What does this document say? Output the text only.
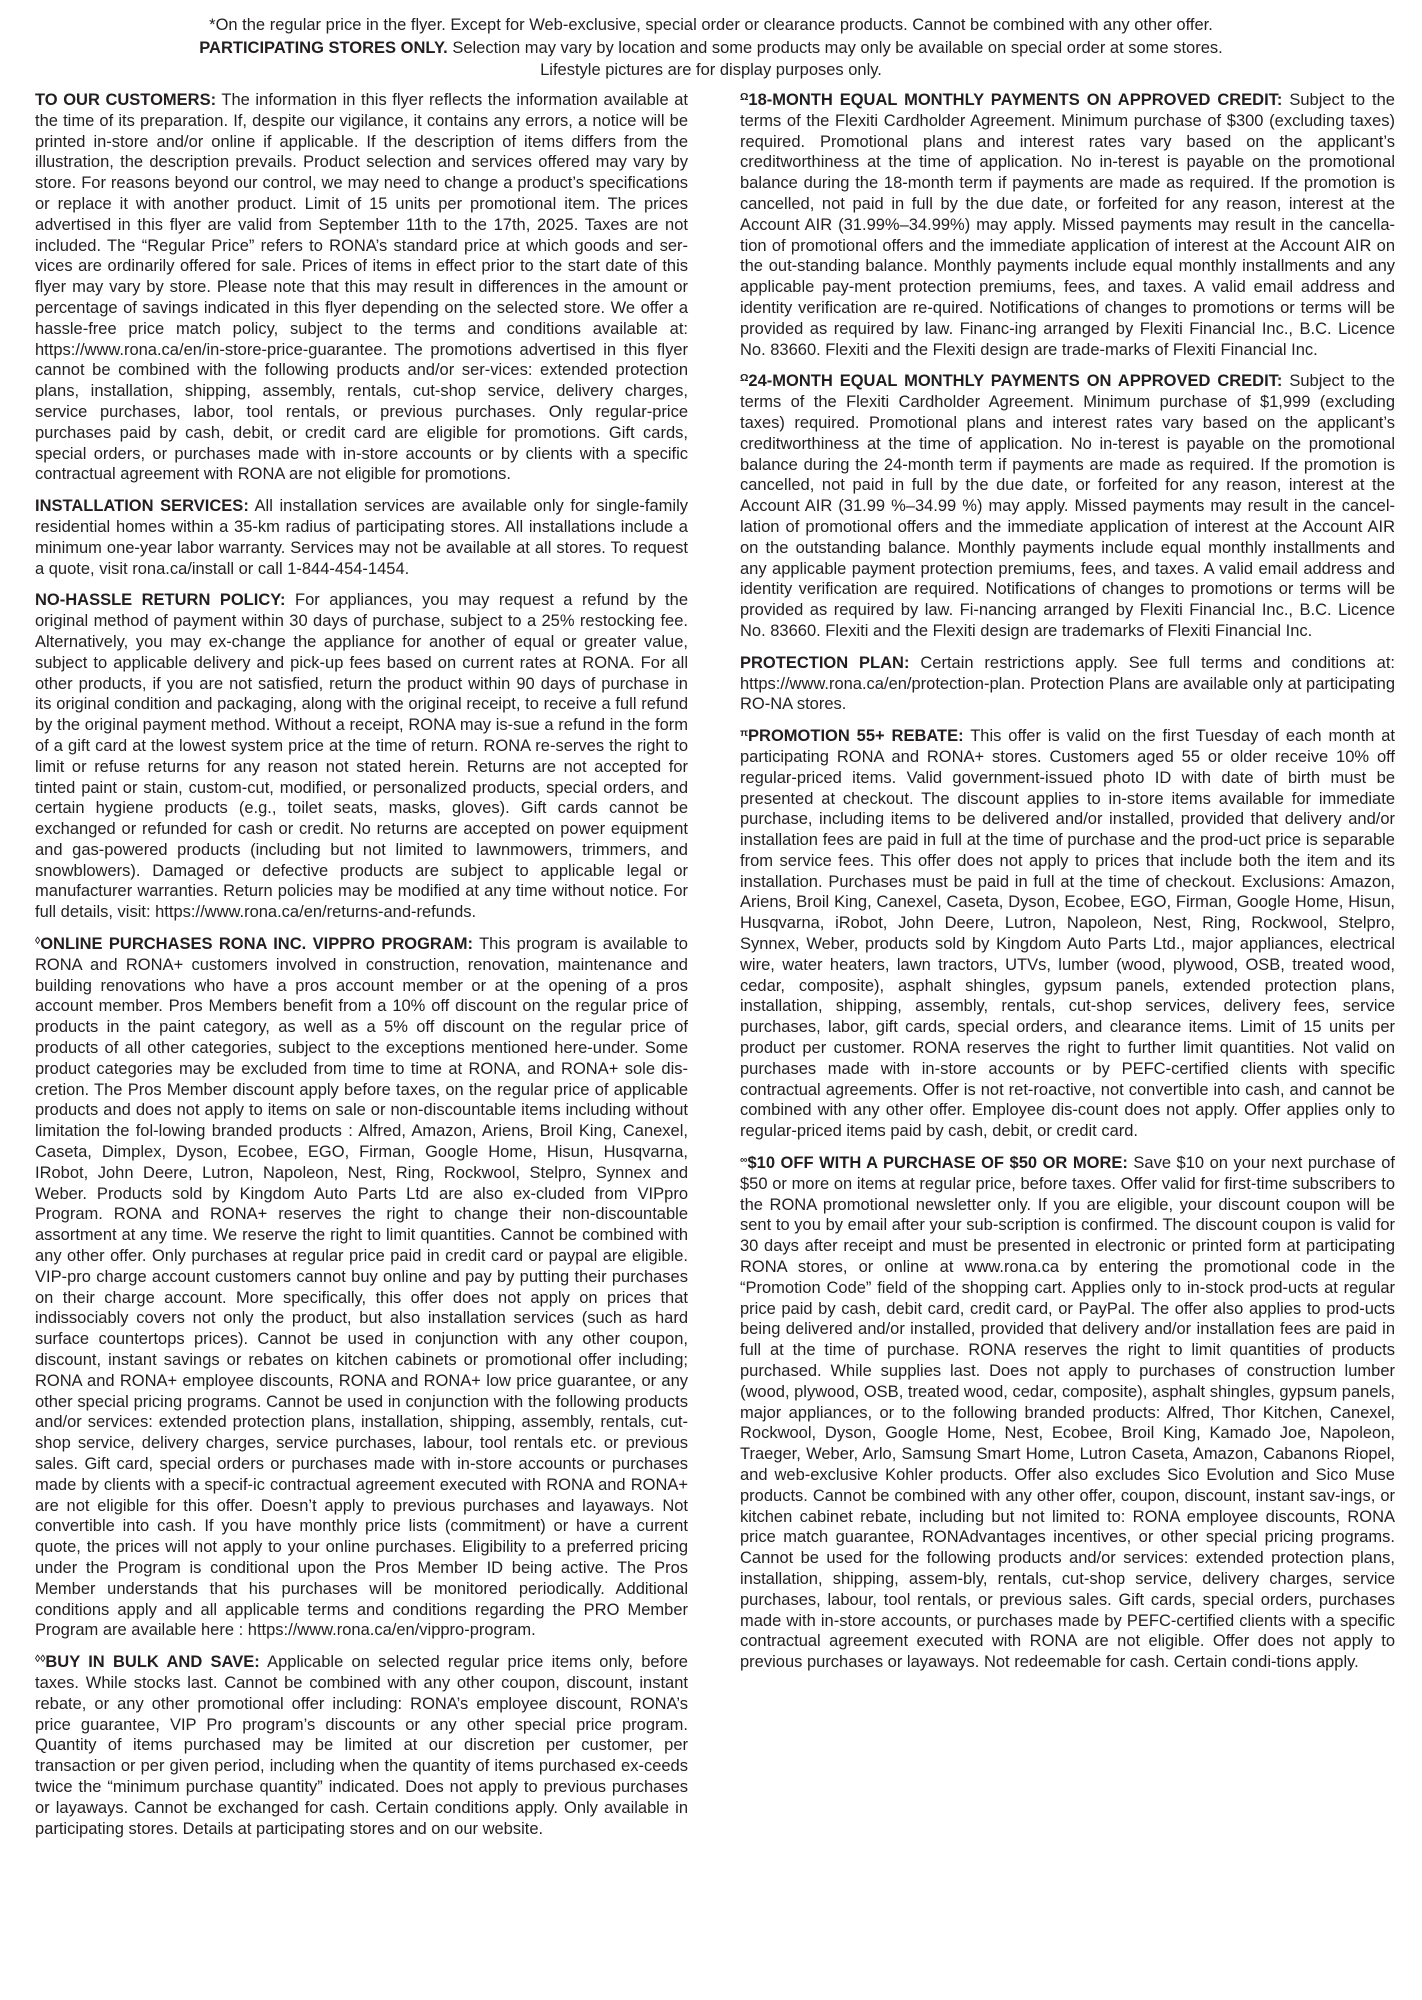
*On the regular price in the flyer. Except for Web-exclusive, special order or clearance products. Cannot be combined with any other offer.
PARTICIPATING STORES ONLY. Selection may vary by location and some products may only be available on special order at some stores.
Lifestyle pictures are for display purposes only.

TO OUR CUSTOMERS: The information in this flyer reflects the information available at the time of its preparation. If, despite our vigilance, it contains any errors, a notice will be printed in-store and/or online if applicable. If the description of items differs from the illustration, the description prevails. Product selection and services offered may vary by store. For reasons beyond our control, we may need to change a product’s specifications or replace it with another product. Limit of 15 units per promotional item. The prices advertised in this flyer are valid from September 11th to the 17th, 2025. Taxes are not included. The “Regular Price” refers to RONA’s standard price at which goods and ser-vices are ordinarily offered for sale. Prices of items in effect prior to the start date of this flyer may vary by store. Please note that this may result in differences in the amount or percentage of savings indicated in this flyer depending on the selected store. We offer a hassle-free price match policy, subject to the terms and conditions available at: https://www.rona.ca/en/in-store-price-guarantee. The promotions advertised in this flyer cannot be combined with the following products and/or ser-vices: extended protection plans, installation, shipping, assembly, rentals, cut-shop service, delivery charges, service purchases, labor, tool rentals, or previous purchases. Only regular-price purchases paid by cash, debit, or credit card are eligible for promotions. Gift cards, special orders, or purchases made with in-store accounts or by clients with a specific contractual agreement with RONA are not eligible for promotions.

INSTALLATION SERVICES: All installation services are available only for single-family residential homes within a 35-km radius of participating stores. All installations include a minimum one-year labor warranty. Services may not be available at all stores. To request a quote, visit rona.ca/install or call 1-844-454-1454.

NO-HASSLE RETURN POLICY: For appliances, you may request a refund by the original method of payment within 30 days of purchase, subject to a 25% restocking fee. Alternatively, you may ex-change the appliance for another of equal or greater value, subject to applicable delivery and pick-up fees based on current rates at RONA. For all other products, if you are not satisfied, return the product within 90 days of purchase in its original condition and packaging, along with the original receipt, to receive a full refund by the original payment method. Without a receipt, RONA may is-sue a refund in the form of a gift card at the lowest system price at the time of return. RONA re-serves the right to limit or refuse returns for any reason not stated herein. Returns are not accepted for tinted paint or stain, custom-cut, modified, or personalized products, special orders, and certain hygiene products (e.g., toilet seats, masks, gloves). Gift cards cannot be exchanged or refunded for cash or credit. No returns are accepted on power equipment and gas-powered products (including but not limited to lawnmowers, trimmers, and snowblowers). Damaged or defective products are subject to applicable legal or manufacturer warranties. Return policies may be modified at any time without notice. For full details, visit: https://www.rona.ca/en/returns-and-refunds.

◊ONLINE PURCHASES RONA INC. VIPPRO PROGRAM: This program is available to RONA and RONA+ customers involved in construction, renovation, maintenance and building renovations who have a pros account member or at the opening of a pros account member. Pros Members benefit from a 10% off discount on the regular price of products in the paint category, as well as a 5% off discount on the regular price of products of all other categories, subject to the exceptions mentioned here-under. Some product categories may be excluded from time to time at RONA, and RONA+ sole dis-cretion. The Pros Member discount apply before taxes, on the regular price of applicable products and does not apply to items on sale or non-discountable items including without limitation the fol-lowing branded products : Alfred, Amazon, Ariens, Broil King, Canexel, Caseta, Dimplex, Dyson, Ecobee, EGO, Firman, Google Home, Hisun, Husqvarna, IRobot, John Deere, Lutron, Napoleon, Nest, Ring, Rockwool, Stelpro, Synnex and Weber. Products sold by Kingdom Auto Parts Ltd are also ex-cluded from VIPpro Program. RONA and RONA+ reserves the right to change their non-discountable assortment at any time. We reserve the right to limit quantities. Cannot be combined with any other offer. Only purchases at regular price paid in credit card or paypal are eligible. VIP-pro charge account customers cannot buy online and pay by putting their purchases on their charge account. More specifically, this offer does not apply on prices that indissociably covers not only the product, but also installation services (such as hard surface countertops prices). Cannot be used in conjunction with any other coupon, discount, instant savings or rebates on kitchen cabinets or promotional offer including; RONA and RONA+ employee discounts, RONA and RONA+ low price guarantee, or any other special pricing programs. Cannot be used in conjunction with the following products and/or services: extended protection plans, installation, shipping, assembly, rentals, cut-shop service, delivery charges, service purchases, labour, tool rentals etc. or previous sales. Gift card, special orders or purchases made with in-store accounts or purchases made by clients with a specif-ic contractual agreement executed with RONA and RONA+ are not eligible for this offer. Doesn’t apply to previous purchases and layaways. Not convertible into cash. If you have monthly price lists (commitment) or have a current quote, the prices will not apply to your online purchases. Eligibility to a preferred pricing under the Program is conditional upon the Pros Member ID being active. The Pros Member understands that his purchases will be monitored periodically. Additional conditions apply and all applicable terms and conditions regarding the PRO Member Program are available here : https://www.rona.ca/en/vippro-program.

◊◊BUY IN BULK AND SAVE: Applicable on selected regular price items only, before taxes. While stocks last. Cannot be combined with any other coupon, discount, instant rebate, or any other promotional offer including: RONA’s employee discount, RONA’s price guarantee, VIP Pro program’s discounts or any other special price program. Quantity of items purchased may be limited at our discretion per customer, per transaction or per given period, including when the quantity of items purchased ex-ceeds twice the “minimum purchase quantity” indicated. Does not apply to previous purchases or layaways. Cannot be exchanged for cash. Certain conditions apply. Only available in participating stores. Details at participating stores and on our website.

$^\Omega$18-MONTH EQUAL MONTHLY PAYMENTS ON APPROVED CREDIT: Subject to the terms of the Flexiti Cardholder Agreement. Minimum purchase of $300 (excluding taxes) required. Promotional plans and interest rates vary based on the applicant’s creditworthiness at the time of application. No in-terest is payable on the promotional balance during the 18-month term if payments are made as required. If the promotion is cancelled, not paid in full by the due date, or forfeited for any reason, interest at the Account AIR (31.99%–34.99%) may apply. Missed payments may result in the cancella-tion of promotional offers and the immediate application of interest at the Account AIR on the out-standing balance. Monthly payments include equal monthly installments and any applicable pay-ment protection premiums, fees, and taxes. A valid email address and identity verification are re-quired. Notifications of changes to promotions or terms will be provided as required by law. Financ-ing arranged by Flexiti Financial Inc., B.C. Licence No. 83660. Flexiti and the Flexiti design are trade-marks of Flexiti Financial Inc.

$^\Omega$24-MONTH EQUAL MONTHLY PAYMENTS ON APPROVED CREDIT: Subject to the terms of the Flexiti Cardholder Agreement. Minimum purchase of $1,999 (excluding taxes) required. Promotional plans and interest rates vary based on the applicant’s creditworthiness at the time of application. No in-terest is payable on the promotional balance during the 24-month term if payments are made as required. If the promotion is cancelled, not paid in full by the due date, or forfeited for any reason, interest at the Account AIR (31.99 %–34.99 %) may apply. Missed payments may result in the cancel-lation of promotional offers and the immediate application of interest at the Account AIR on the outstanding balance. Monthly payments include equal monthly installments and any applicable payment protection premiums, fees, and taxes. A valid email address and identity verification are required. Notifications of changes to promotions or terms will be provided as required by law. Fi-nancing arranged by Flexiti Financial Inc., B.C. Licence No. 83660. Flexiti and the Flexiti design are trademarks of Flexiti Financial Inc.

PROTECTION PLAN: Certain restrictions apply. See full terms and conditions at: https://www.rona.ca/en/protection-plan. Protection Plans are available only at participating RO-NA stores.

$^\pi$PROMOTION 55+ REBATE: This offer is valid on the first Tuesday of each month at participating RONA and RONA+ stores. Customers aged 55 or older receive 10% off regular-priced items. Valid government-issued photo ID with date of birth must be presented at checkout. The discount applies to in-store items available for immediate purchase, including items to be delivered and/or installed, provided that delivery and/or installation fees are paid in full at the time of purchase and the prod-uct price is separable from service fees. This offer does not apply to prices that include both the item and its installation. Purchases must be paid in full at the time of checkout. Exclusions: Amazon, Ariens, Broil King, Canexel, Caseta, Dyson, Ecobee, EGO, Firman, Google Home, Hisun, Husqvarna, iRobot, John Deere, Lutron, Napoleon, Nest, Ring, Rockwool, Stelpro, Synnex, Weber, products sold by Kingdom Auto Parts Ltd., major appliances, electrical wire, water heaters, lawn tractors, UTVs, lumber (wood, plywood, OSB, treated wood, cedar, composite), asphalt shingles, gypsum panels, extended protection plans, installation, shipping, assembly, rentals, cut-shop services, delivery fees, service purchases, labor, gift cards, special orders, and clearance items. Limit of 15 units per product per customer. RONA reserves the right to further limit quantities. Not valid on purchases made with in-store accounts or by PEFC-certified clients with specific contractual agreements. Offer is not ret-roactive, not convertible into cash, and cannot be combined with any other offer. Employee dis-count does not apply. Offer applies only to regular-priced items paid by cash, debit, or credit card.

∞$10 OFF WITH A PURCHASE OF $50 OR MORE: Save $10 on your next purchase of $50 or more on items at regular price, before taxes. Offer valid for first-time subscribers to the RONA promotional newsletter only. If you are eligible, your discount coupon will be sent to you by email after your sub-scription is confirmed. The discount coupon is valid for 30 days after receipt and must be presented in electronic or printed form at participating RONA stores, or online at www.rona.ca by entering the promotional code in the “Promotion Code” field of the shopping cart. Applies only to in-stock prod-ucts at regular price paid by cash, debit card, credit card, or PayPal. The offer also applies to prod-ucts being delivered and/or installed, provided that delivery and/or installation fees are paid in full at the time of purchase. RONA reserves the right to limit quantities of products purchased. While supplies last. Does not apply to purchases of construction lumber (wood, plywood, OSB, treated wood, cedar, composite), asphalt shingles, gypsum panels, major appliances, or to the following branded products: Alfred, Thor Kitchen, Canexel, Rockwool, Dyson, Google Home, Nest, Ecobee, Broil King, Kamado Joe, Napoleon, Traeger, Weber, Arlo, Samsung Smart Home, Lutron Caseta, Amazon, Cabanons Riopel, and web-exclusive Kohler products. Offer also excludes Sico Evolution and Sico Muse products. Cannot be combined with any other offer, coupon, discount, instant sav-ings, or kitchen cabinet rebate, including but not limited to: RONA employee discounts, RONA price match guarantee, RONAdvantages incentives, or other special pricing programs. Cannot be used for the following products and/or services: extended protection plans, installation, shipping, assem-bly, rentals, cut-shop service, delivery charges, service purchases, labour, tool rentals, or previous sales. Gift cards, special orders, purchases made with in-store accounts, or purchases made by PEFC-certified clients with a specific contractual agreement executed with RONA are not eligible. Offer does not apply to previous purchases or layaways. Not redeemable for cash. Certain condi-tions apply.
